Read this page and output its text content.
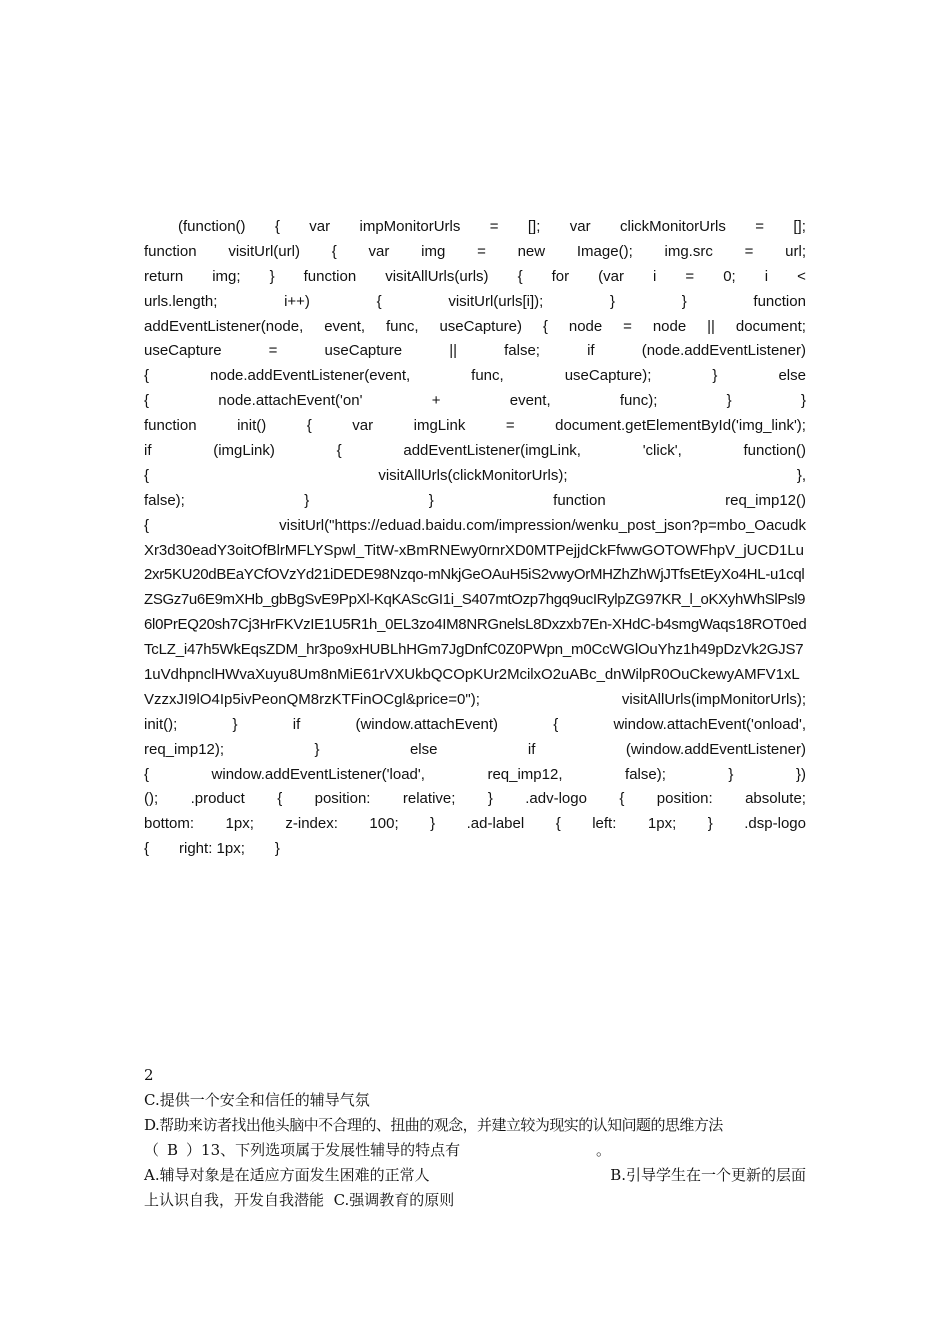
(function() { var impMonitorUrls = []; var clickMonitorUrls = [];
function visitUrl(url) { var img = new Image(); img.src = url;
return img; } function visitAllUrls(urls) { for (var i = 0; i <
urls.length;	i++)	{	visitUrl(urls[i]);	}	}	function
addEventListener(node, event, func, useCapture) { node = node || document;
useCapture	=	useCapture	||	false;	if	(node.addEventListener)
{	node.addEventListener(event,	func,	useCapture);	}	else
{	node.attachEvent('on'	+	event,	func);	}	}
function	init()	{	var	imgLink	=	document.getElementById('img_link');
if	(imgLink)	{	addEventListener(imgLink,	'click',	function()
{	visitAllUrls(clickMonitorUrls);	},
false);	}	}	function	req_imp12()
{	visitUrl("https://eduad.baidu.com/impression/wenku_post_json?p=mbo_Oacudk
Xr3d30eadY3oitOfBlrMFLYSpwl_TitW-xBmRNEwy0rnrXD0MTPejjdCkFfwwGOTOWFhpV_jUCD1Lu
2xr5KU20dBEaYCfOVzYd21iDEDE98Nzqo-mNkjGeOAuH5iS2vwyOrMHZhZhWjJTfsEtEyXo4HL-u1cql
ZSGz7u6E9mXHb_gbBgSvE9PpXl-KqKAScGI1i_S407mtOzp7hgq9ucIRylpZG97KR_l_oKXyhWhSlPsl9
6l0PrEQ20sh7Cj3HrFKVzIE1U5R1h_0EL3zo4IM8NRGnelsL8Dxzxb7En-XHdC-b4smgWaqs18ROT0ed
TcLZ_i47h5WkEqsZDM_hr3po9xHUBLhHGm7JgDnfC0Z0PWpn_m0CcWGlOuYhz1h49pDzVk2GJS7
1uVdhpnclHWvaXuyu8Um8nMiE61rVXUkbQCOpKUr2McilxO2uABc_dnWilpR0OuCkewyAMFV1xL
VzzxJI9lO4Ip5ivPeonQM8rzKTFinOCgl&price=0");	visitAllUrls(impMonitorUrls);
init();	}	if	(window.attachEvent)	{	window.attachEvent('onload',
req_imp12);	}	else	if	(window.addEventListener)
{	window.addEventListener('load',	req_imp12,	false);	}	})
(); .product { position: relative; } .adv-logo { position: absolute;
bottom: 1px; z-index: 100; } .ad-label { left: 1px; } .dsp-logo
{
right: 1px;
}
2
C.提供一个安全和信任的辅导气氛
D.帮助来访者找出他头脑中不合理的、扭曲的观念，并建立较为现实的认知问题的思维方法
（ B ）13、下列选项属于发展性辅导的特点有	。
A.辅导对象是在适应方面发生困难的正常人	B.引导学生在一个更新的层面
上认识自我，开发自我潜能 C.强调教育的原则
